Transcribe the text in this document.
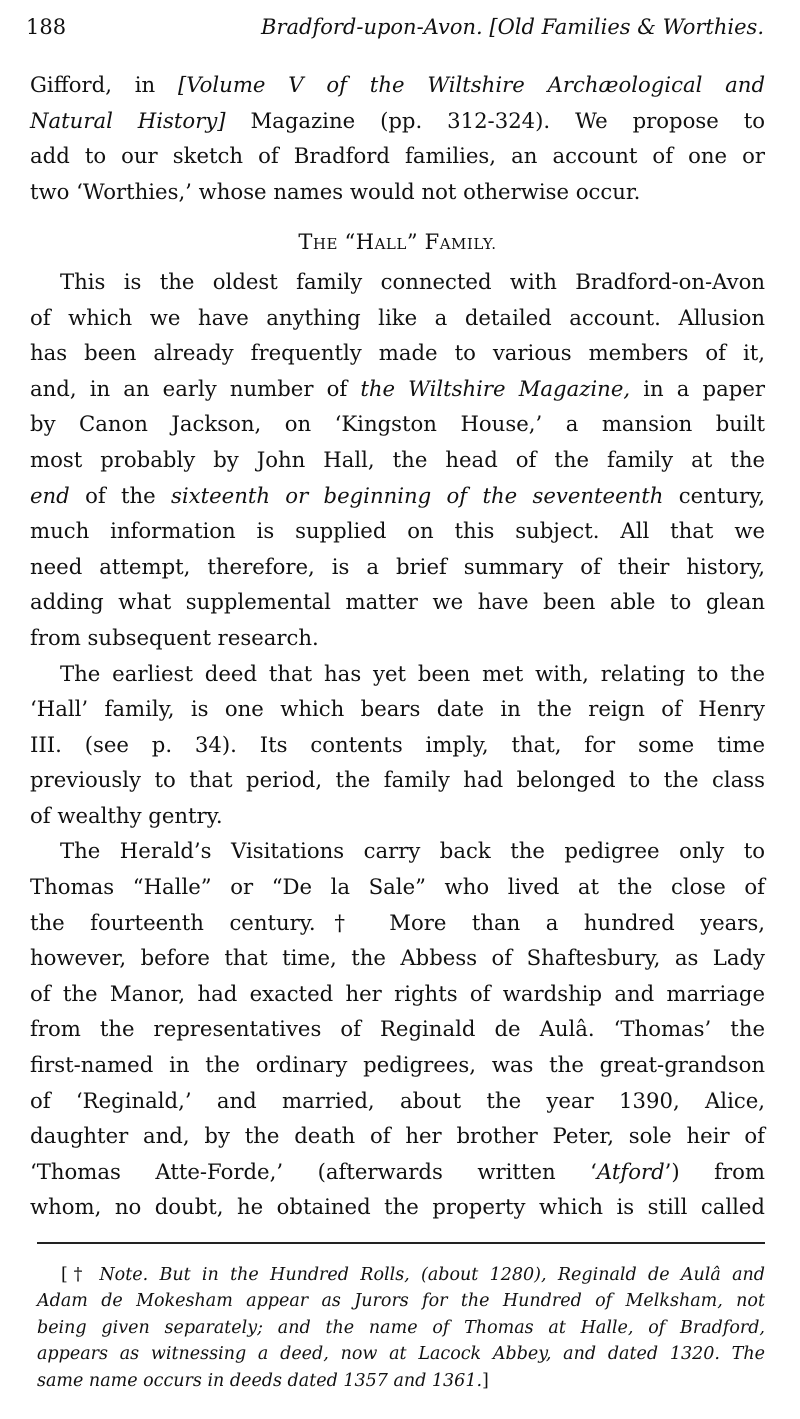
188	Bradford-upon-Avon. [Old Families & Worthies.
Gifford, in [Volume V of the Wiltshire Archæological and
Natural History] Magazine (pp. 312-324). We propose to
add to our sketch of Bradford families, an account of one or
two ‘Worthies,’ whose names would not otherwise occur.
THE “HALL” FAMILY.
This is the oldest family connected with Bradford-on-Avon
of which we have anything like a detailed account. Allusion
has been already frequently made to various members of it,
and, in an early number of the Wiltshire Magazine, in a paper
by Canon Jackson, on ‘Kingston House,’ a mansion built
most probably by John Hall, the head of the family at the
end of the sixteenth or beginning of the seventeenth century,
much information is supplied on this subject. All that we
need attempt, therefore, is a brief summary of their history,
adding what supplemental matter we have been able to glean
from subsequent research.
The earliest deed that has yet been met with, relating to the
‘Hall’ family, is one which bears date in the reign of Henry
III. (see p. 34). Its contents imply, that, for some time
previously to that period, the family had belonged to the class
of wealthy gentry.
The Herald’s Visitations carry back the pedigree only to
Thomas “Halle” or “De la Sale” who lived at the close of
the fourteenth century.† More than a hundred years,
however, before that time, the Abbess of Shaftesbury, as Lady
of the Manor, had exacted her rights of wardship and marriage
from the representatives of Reginald de Aulâ. ‘Thomas’ the
first-named in the ordinary pedigrees, was the great-grandson
of ‘Reginald,’ and married, about the year 1390, Alice,
daughter and, by the death of her brother Peter, sole heir of
‘Thomas Atte-Forde,’ (afterwards written ‘Atford’) from
whom, no doubt, he obtained the property which is still called
[† Note. But in the Hundred Rolls, (about 1280), Reginald de Aulâ and
Adam de Mokesham appear as Jurors for the Hundred of Melksham, not
being given separately; and the name of Thomas at Halle, of Bradford,
appears as witnessing a deed, now at Lacock Abbey, and dated 1320. The
same name occurs in deeds dated 1357 and 1361.]
